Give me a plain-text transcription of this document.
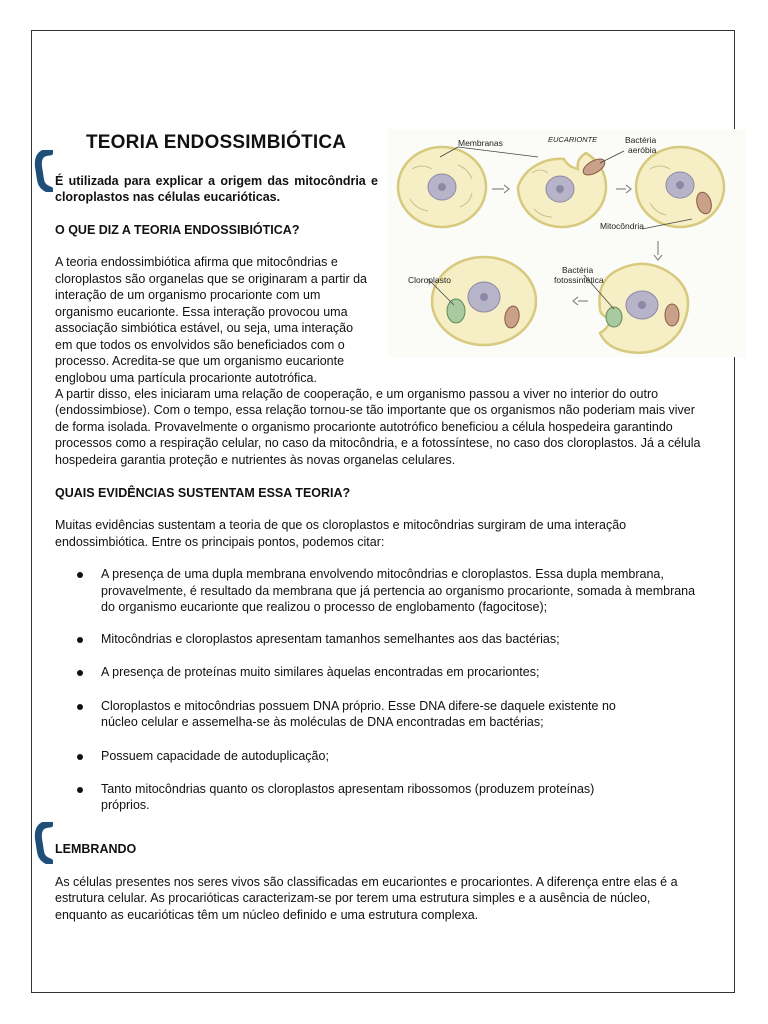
TEORIA ENDOSSIMBIÓTICA
É utilizada para explicar a origem das mitocôndria e
cloroplastos nas células eucarióticas.
O QUE DIZ A TEORIA ENDOSSIBIÓTICA?
A teoria endossimbiótica afirma que mitocôndrias e
cloroplastos são organelas que se originaram a partir da
interação de um organismo procarionte com um
organismo eucarionte. Essa interação provocou uma
associação simbiótica estável, ou seja, uma interação
em que todos os envolvidos são beneficiados com o
processo. Acredita-se que um organismo eucarionte
englobou uma partícula procarionte autotrófica.
A partir disso, eles iniciaram uma relação de cooperação, e um organismo passou a viver no interior do outro
(endossimbiose). Com o tempo, essa relação tornou-se tão importante que os organismos não poderiam mais viver
de forma isolada. Provavelmente o organismo procarionte autotrófico beneficiou a célula hospedeira garantindo
processos como a respiração celular, no caso da mitocôndria, e a fotossíntese, no caso dos cloroplastos. Já a célula
hospedeira garantia proteção e nutrientes às novas organelas celulares.
Membranas	EUCARIONTE	Bactéria
aeróbia
Mitocôndria
Cloroplasto
Bactéria
fotossintética
QUAIS EVIDÊNCIAS SUSTENTAM ESSA TEORIA?
Muitas evidências sustentam a teoria de que os cloroplastos e mitocôndrias surgiram de uma interação
endossimbiótica. Entre os principais pontos, podemos citar:
A presença de uma dupla membrana envolvendo mitocôndrias e cloroplastos. Essa dupla membrana,
provavelmente, é resultado da membrana que já pertencia ao organismo procarionte, somada à membrana
do organismo eucarionte que realizou o processo de englobamento (fagocitose);
Mitocôndrias e cloroplastos apresentam tamanhos semelhantes aos das bactérias;
A presença de proteínas muito similares àquelas encontradas em procariontes;
Cloroplastos e mitocôndrias possuem DNA próprio. Esse DNA difere-se daquele existente no
núcleo celular e assemelha-se às moléculas de DNA encontradas em bactérias;
Possuem capacidade de autoduplicação;
Tanto mitocôndrias quanto os cloroplastos apresentam ribossomos (produzem proteínas)
próprios.
LEMBRANDO
As células presentes nos seres vivos são classificadas em eucariontes e procariontes. A diferença entre elas é a
estrutura celular. As procarióticas caracterizam-se por terem uma estrutura simples e a ausência de núcleo,
enquanto as eucarióticas têm um núcleo definido e uma estrutura complexa.
